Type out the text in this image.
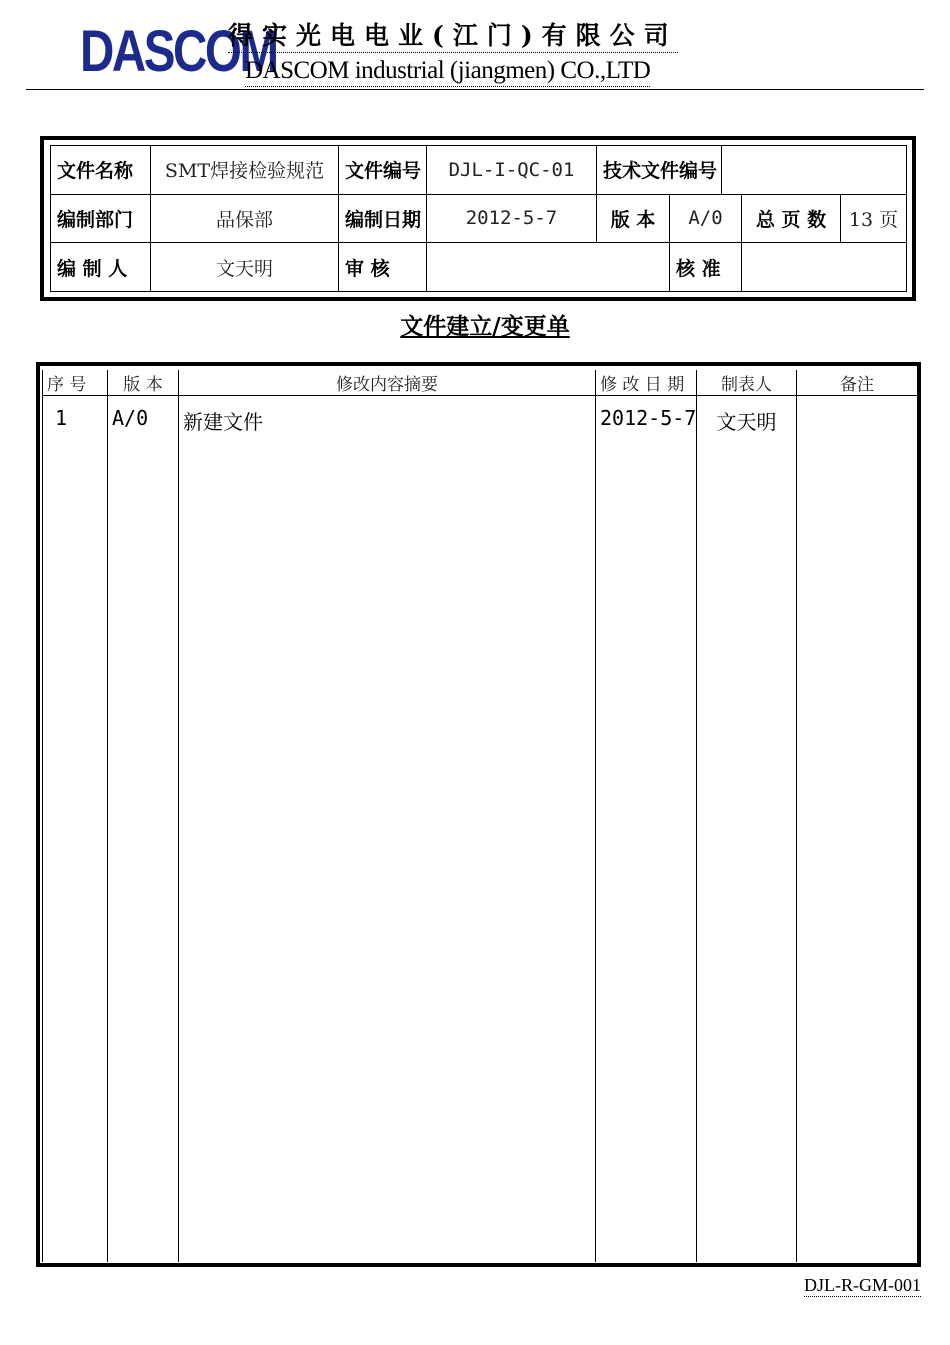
DASCOM
得实光电电业(江门)有限公司
DASCOM industrial (jiangmen) CO.,LTD
文件名称	SMT焊接检验规范	文件编号	DJL-I-QC-01	技术文件编号				
编制部门	品保部	编制日期	2012-5-7	版 本	A/0		总 页 数	13 页
编 制 人	文天明	审 核			核 准			
文件建立/变更单
序 号	版 本	修改内容摘要	修 改 日 期	制表人	备注
1	A/0	新建文件	2012-5-7	文天明	
DJL-R-GM-001
